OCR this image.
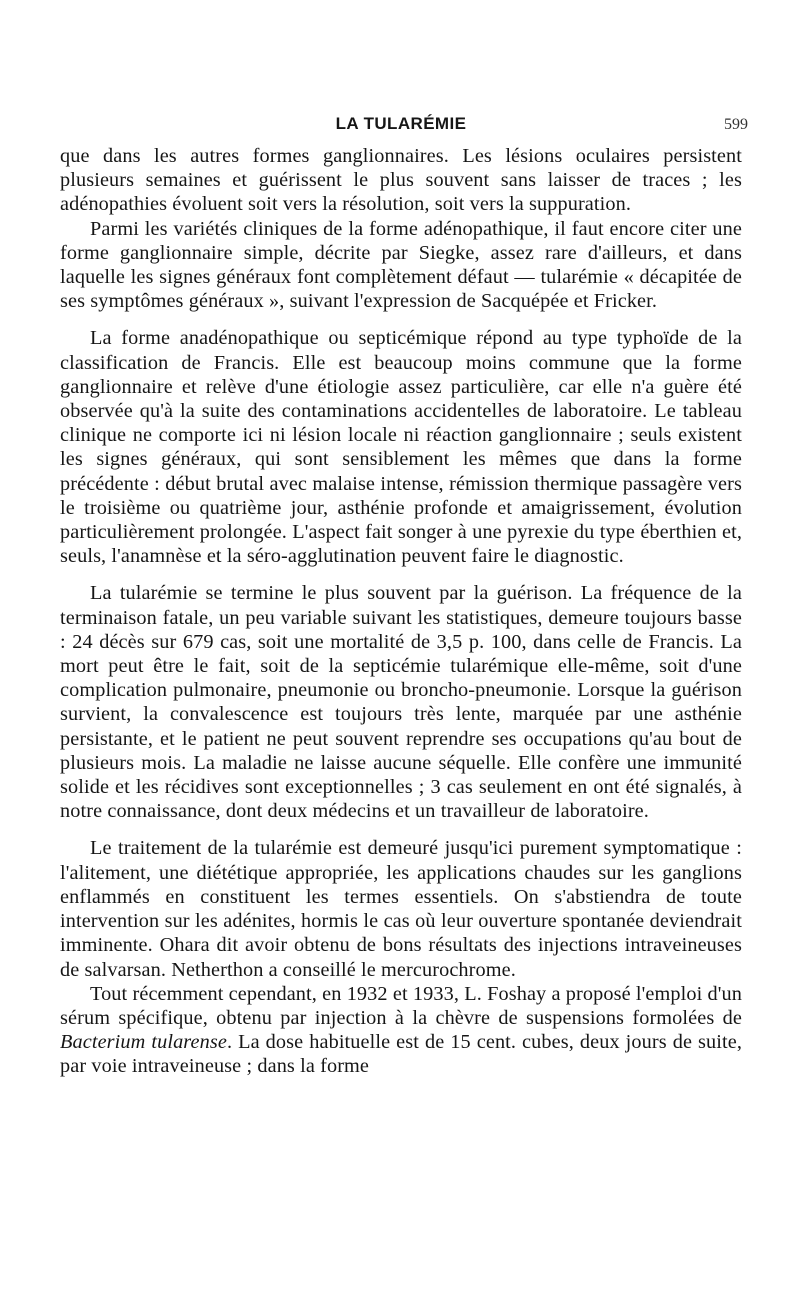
LA TULARÉMIE	599

que dans les autres formes ganglionnaires. Les lésions oculaires persistent plusieurs semaines et guérissent le plus souvent sans laisser de traces ; les adénopathies évoluent soit vers la résolution, soit vers la suppuration.

Parmi les variétés cliniques de la forme adénopathique, il faut encore citer une forme ganglionnaire simple, décrite par Siegke, assez rare d'ailleurs, et dans laquelle les signes généraux font complètement défaut — tularémie « décapitée de ses symptômes généraux », suivant l'expression de Sacquépée et Fricker.

La forme anadénopathique ou septicémique répond au type typhoïde de la classification de Francis. Elle est beaucoup moins commune que la forme ganglionnaire et relève d'une étiologie assez particulière, car elle n'a guère été observée qu'à la suite des contaminations accidentelles de laboratoire. Le tableau clinique ne comporte ici ni lésion locale ni réaction ganglionnaire ; seuls existent les signes généraux, qui sont sensiblement les mêmes que dans la forme précédente : début brutal avec malaise intense, rémission thermique passagère vers le troisième ou quatrième jour, asthénie profonde et amaigrissement, évolution particulièrement prolongée. L'aspect fait songer à une pyrexie du type éberthien et, seuls, l'anamnèse et la séro-agglutination peuvent faire le diagnostic.

La tularémie se termine le plus souvent par la guérison. La fréquence de la terminaison fatale, un peu variable suivant les statistiques, demeure toujours basse : 24 décès sur 679 cas, soit une mortalité de 3,5 p. 100, dans celle de Francis. La mort peut être le fait, soit de la septicémie tularémique elle-même, soit d'une complication pulmonaire, pneumonie ou broncho-pneumonie. Lorsque la guérison survient, la convalescence est toujours très lente, marquée par une asthénie persistante, et le patient ne peut souvent reprendre ses occupations qu'au bout de plusieurs mois. La maladie ne laisse aucune séquelle. Elle confère une immunité solide et les récidives sont exceptionnelles ; 3 cas seulement en ont été signalés, à notre connaissance, dont deux médecins et un travailleur de laboratoire.

Le traitement de la tularémie est demeuré jusqu'ici purement symptomatique : l'alitement, une diététique appropriée, les applications chaudes sur les ganglions enflammés en constituent les termes essentiels. On s'abstiendra de toute intervention sur les adénites, hormis le cas où leur ouverture spontanée deviendrait imminente. Ohara dit avoir obtenu de bons résultats des injections intraveineuses de salvarsan. Netherthon a conseillé le mercurochrome.

Tout récemment cependant, en 1932 et 1933, L. Foshay a proposé l'emploi d'un sérum spécifique, obtenu par injection à la chèvre de suspensions formolées de Bacterium tularense. La dose habituelle est de 15 cent. cubes, deux jours de suite, par voie intraveineuse ; dans la forme
